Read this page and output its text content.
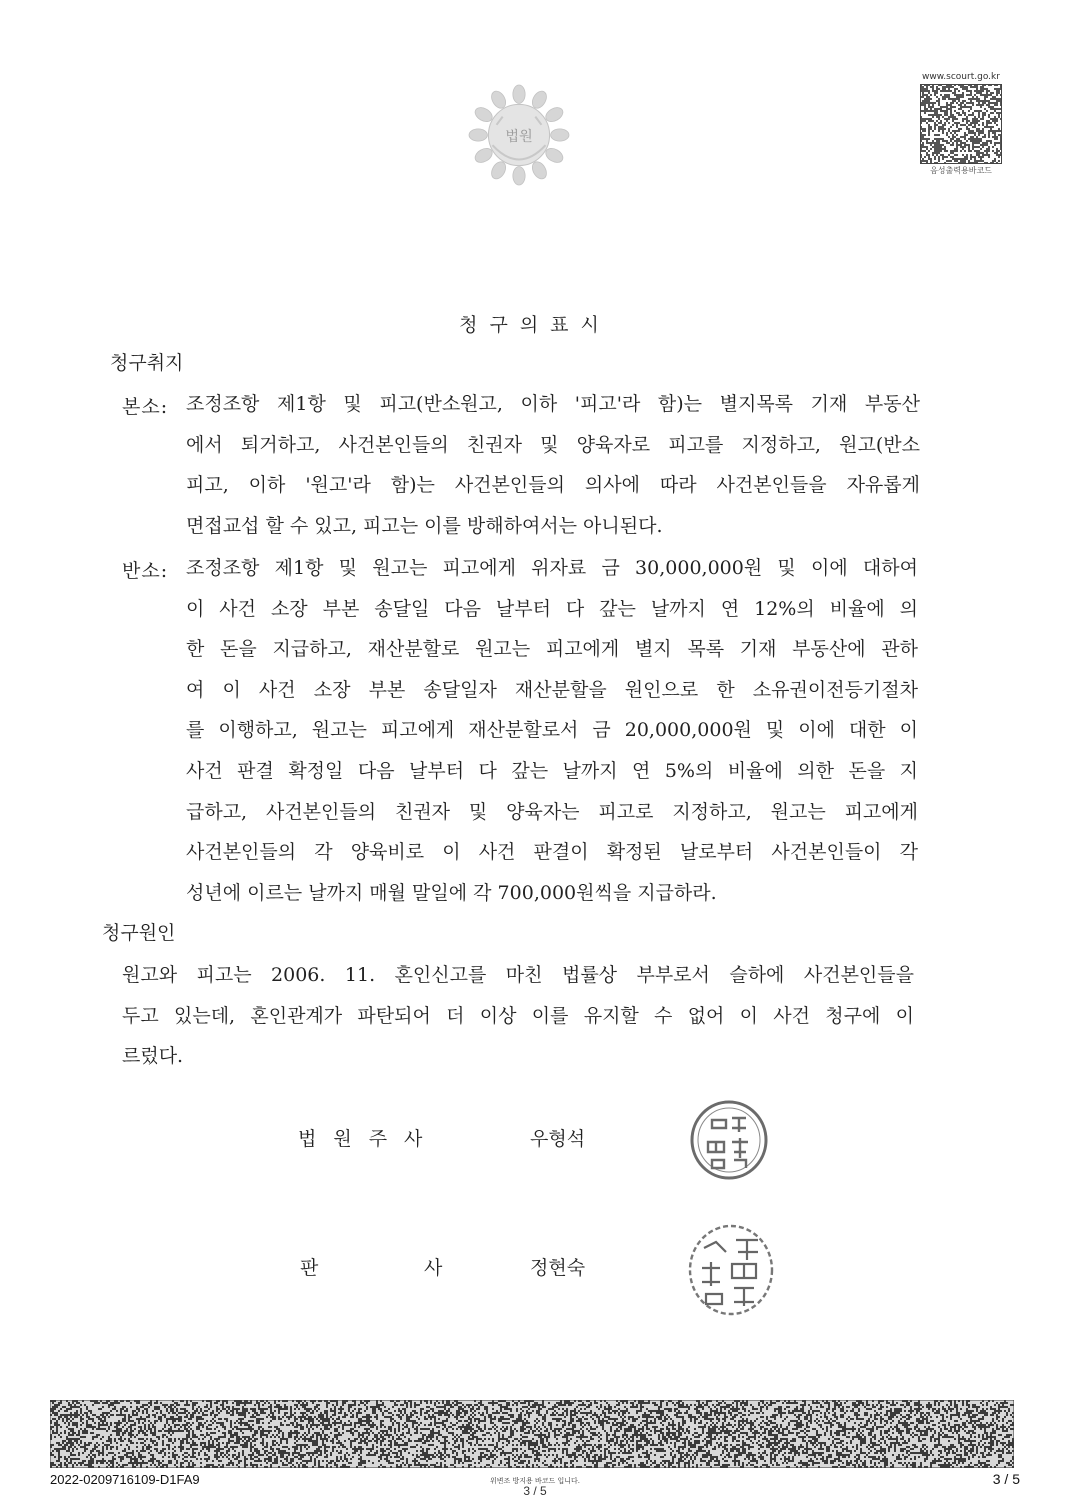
법원
www.scourt.go.kr
음성출력용바코드
청구의표시
청구취지
본소: 조정조항 제1항 및 피고(반소원고, 이하 '피고'라 함)는 별지목록 기재 부동산
에서 퇴거하고, 사건본인들의 친권자 및 양육자로 피고를 지정하고, 원고(반소
피고, 이하 '원고'라 함)는 사건본인들의 의사에 따라 사건본인들을 자유롭게
면접교섭 할 수 있고, 피고는 이를 방해하여서는 아니된다.
반소: 조정조항 제1항 및 원고는 피고에게 위자료 금 30,000,000원 및 이에 대하여
이 사건 소장 부본 송달일 다음 날부터 다 갚는 날까지 연 12%의 비율에 의
한 돈을 지급하고, 재산분할로 원고는 피고에게 별지 목록 기재 부동산에 관하
여 이 사건 소장 부본 송달일자 재산분할을 원인으로 한 소유권이전등기절차
를 이행하고, 원고는 피고에게 재산분할로서 금 20,000,000원 및 이에 대한 이
사건 판결 확정일 다음 날부터 다 갚는 날까지 연 5%의 비율에 의한 돈을 지
급하고, 사건본인들의 친권자 및 양육자는 피고로 지정하고, 원고는 피고에게
사건본인들의 각 양육비로 이 사건 판결이 확정된 날로부터 사건본인들이 각
성년에 이르는 날까지 매월 말일에 각 700,000원씩을 지급하라.
청구원인
원고와 피고는 2006. 11. 혼인신고를 마친 법률상 부부로서 슬하에 사건본인들을
두고 있는데, 혼인관계가 파탄되어 더 이상 이를 유지할 수 없어 이 사건 청구에 이
르렀다.
법원주사	우형석
판	사	정현숙
2022-0209716109-D1FA9	위변조 방지용 바코드 입니다.
3 / 5
3 / 5
